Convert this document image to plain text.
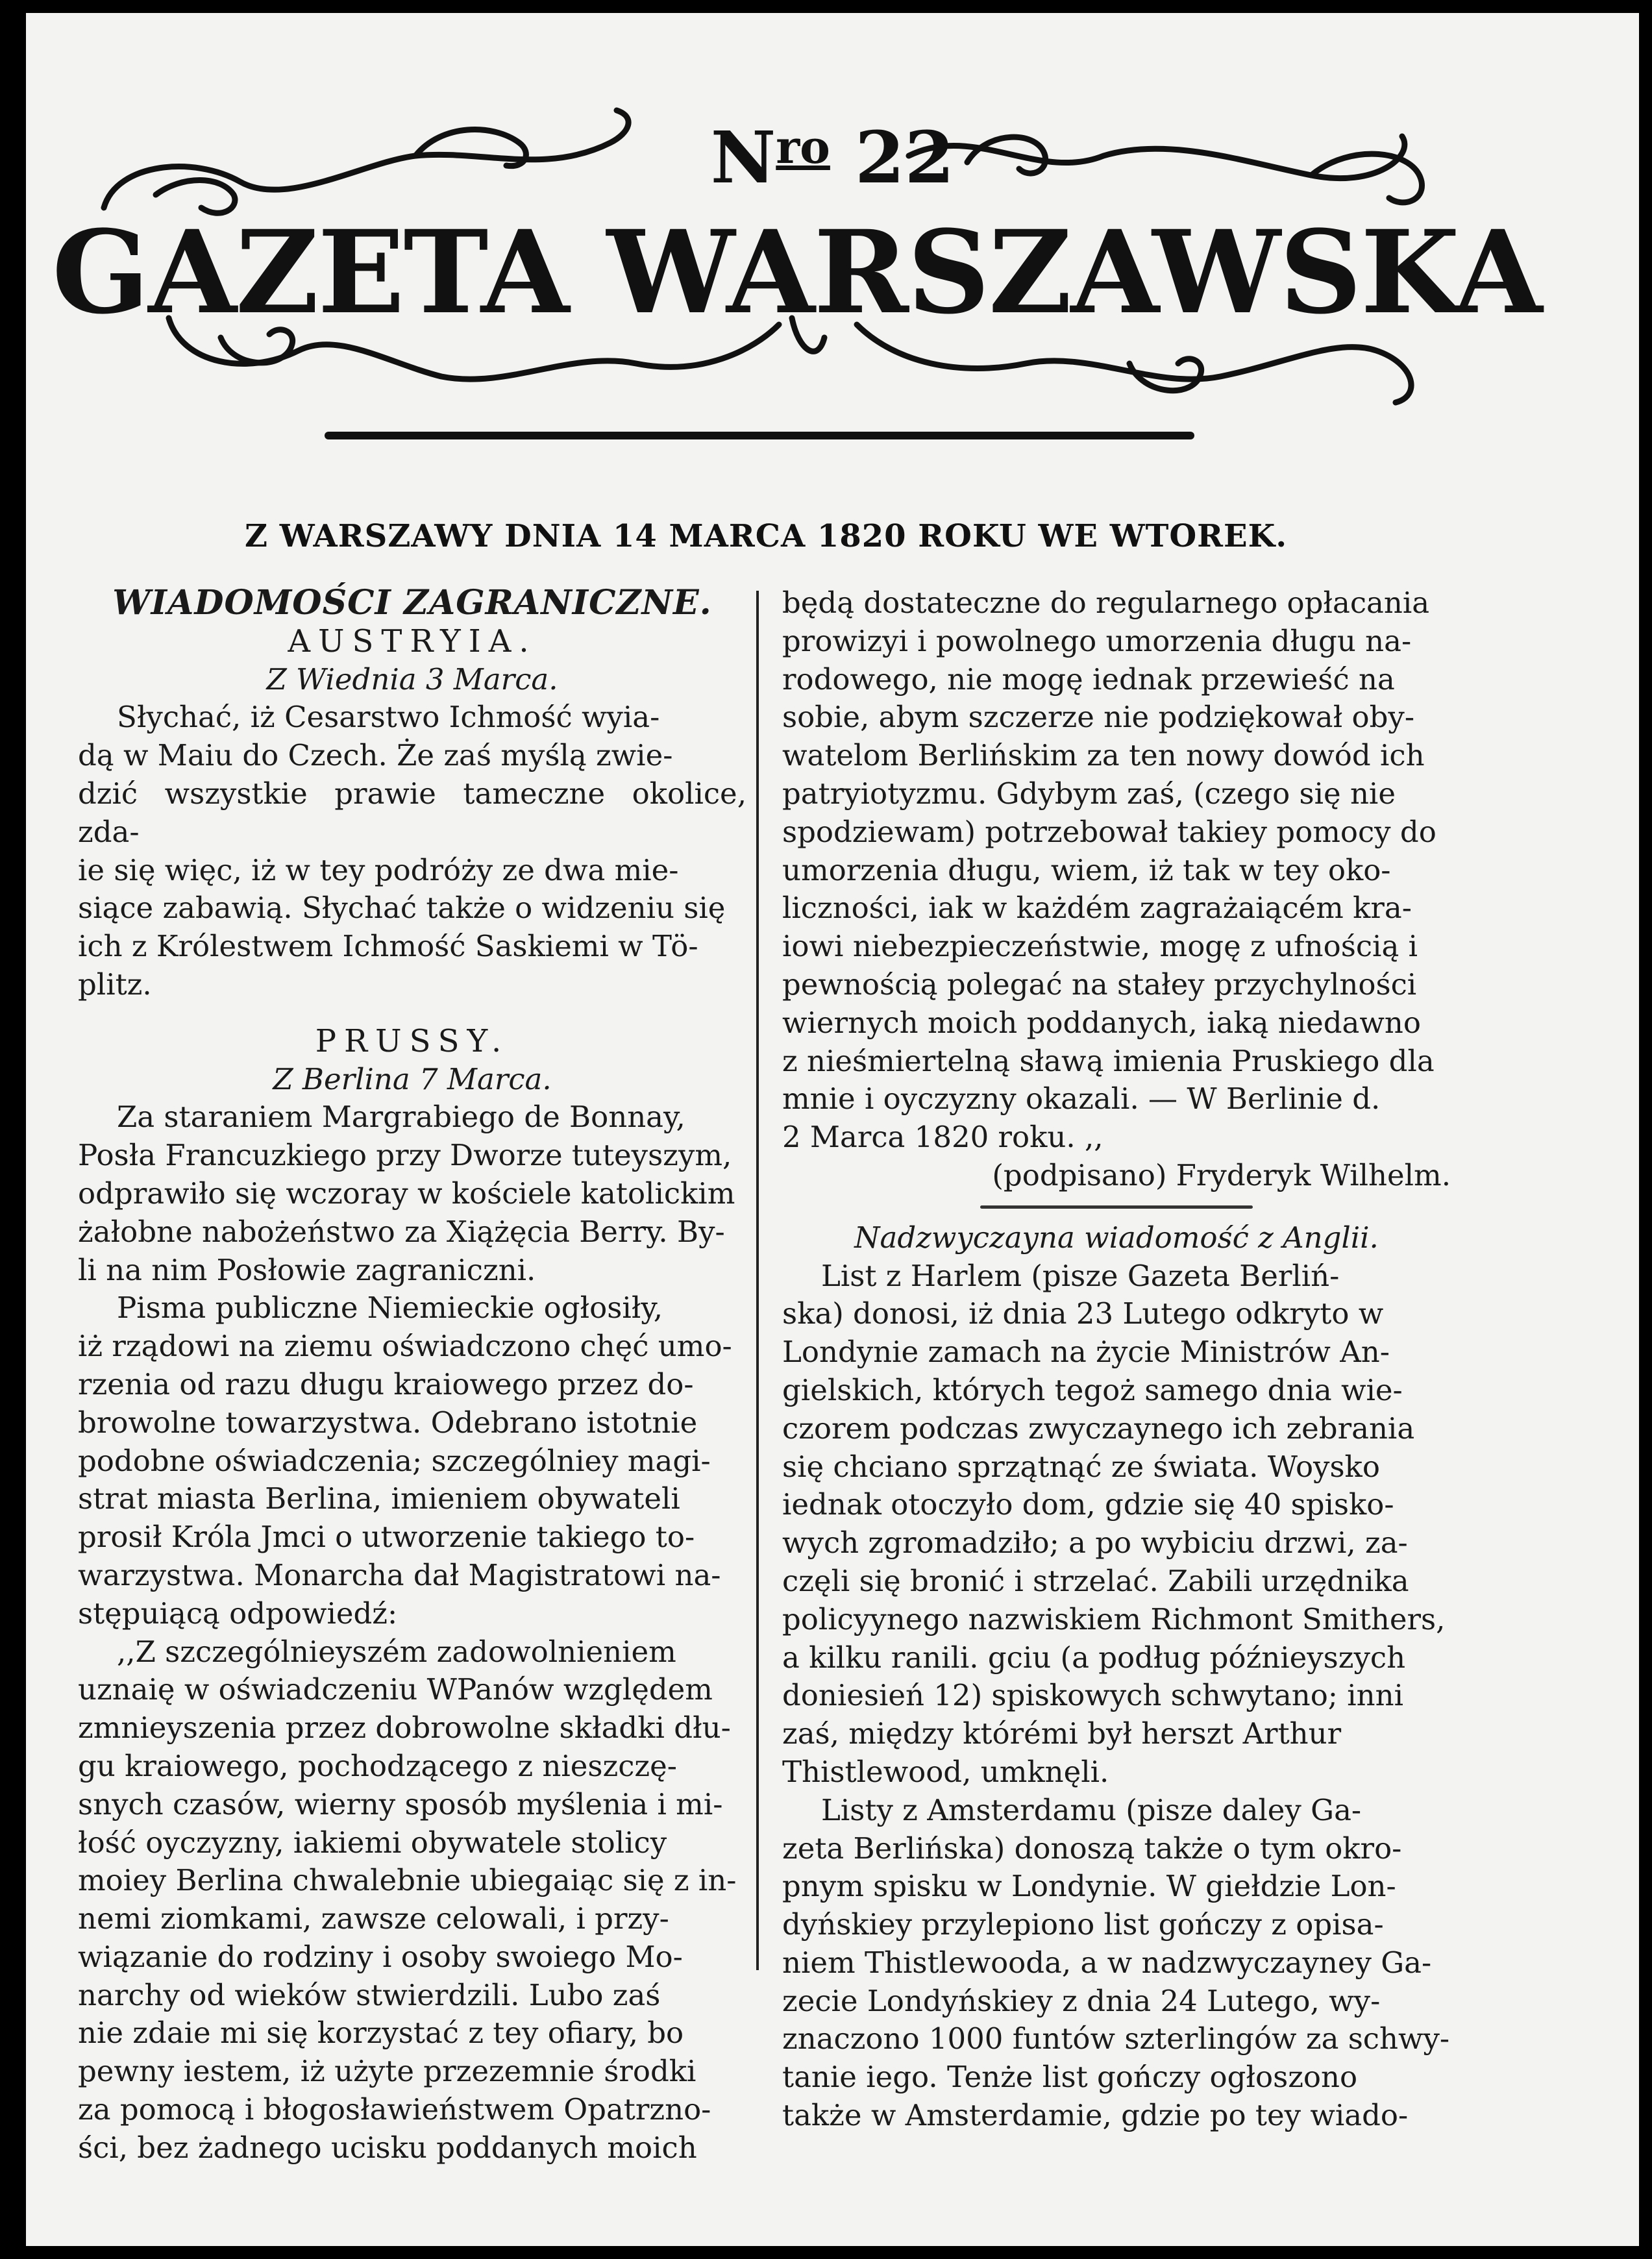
$N^{ro}$ 22
GAZETA WARSZAWSKA
Z WARSZAWY DNIA 14 MARCA 1820 ROKU WE WTOREK.

WIADOMOŚCI ZAGRANICZNE.

AUSTRYIA.

Z Wiednia 3 Marca.

Słychać, iż Cesarstwo Ichmość wyia-

dą w Maiu do Czech. Że zaś myślą zwie-

dzić wszystkie prawie tameczne okolice, zda-

ie się więc, iż w tey podróży ze dwa mie-

siące zabawią. Słychać także o widzeniu się

ich z Królestwem Ichmość Saskiemi w Tö-

plitz.

PRUSSY.

Z Berlina 7 Marca.

Za staraniem Margrabiego de Bonnay,

Posła Francuzkiego przy Dworze tuteyszym,

odprawiło się wczoray w kościele katolickim

żałobne nabożeństwo za Xiążęcia Berry. By-

li na nim Posłowie zagraniczni.

Pisma publiczne Niemieckie ogłosiły,

iż rządowi na ziemu oświadczono chęć umo-

rzenia od razu długu kraiowego przez do-

browolne towarzystwa. Odebrano istotnie

podobne oświadczenia; szczególniey magi-

strat miasta Berlina, imieniem obywateli

prosił Króla Jmci o utworzenie takiego to-

warzystwa. Monarcha dał Magistratowi na-

stępuiącą odpowiedź:

,,Z szczególnieyszém zadowolnieniem

uznaię w oświadczeniu WPanów względem

zmnieyszenia przez dobrowolne składki dłu-

gu kraiowego, pochodzącego z nieszczę-

snych czasów, wierny sposób myślenia i mi-

łość oyczyzny, iakiemi obywatele stolicy

moiey Berlina chwalebnie ubiegaiąc się z in-

nemi ziomkami, zawsze celowali, i przy-

wiązanie do rodziny i osoby swoiego Mo-

narchy od wieków stwierdzili. Lubo zaś

nie zdaie mi się korzystać z tey ofiary, bo

pewny iestem, iż użyte przezemnie środki

za pomocą i błogosławieństwem Opatrzno-

ści, bez żadnego ucisku poddanych moich

będą dostateczne do regularnego opłacania

prowizyi i powolnego umorzenia długu na-

rodowego, nie mogę iednak przewieść na

sobie, abym szczerze nie podziękował oby-

watelom Berlińskim za ten nowy dowód ich

patryiotyzmu. Gdybym zaś, (czego się nie

spodziewam) potrzebował takiey pomocy do

umorzenia długu, wiem, iż tak w tey oko-

liczności, iak w każdém zagrażaiącém kra-

iowi niebezpieczeństwie, mogę z ufnością i

pewnością polegać na stałey przychylności

wiernych moich poddanych, iaką niedawno

z nieśmiertelną sławą imienia Pruskiego dla

mnie i oyczyzny okazali. — W Berlinie d.

2 Marca 1820 roku. ,,

(podpisano) Fryderyk Wilhelm.

Nadzwyczayna wiadomość z Anglii.

List z Harlem (pisze Gazeta Berliń-

ska) donosi, iż dnia 23 Lutego odkryto w

Londynie zamach na życie Ministrów An-

gielskich, których tegoż samego dnia wie-

czorem podczas zwyczaynego ich zebrania

się chciano sprzątnąć ze świata. Woysko

iednak otoczyło dom, gdzie się 40 spisko-

wych zgromadziło; a po wybiciu drzwi, za-

częli się bronić i strzelać. Zabili urzędnika

policyynego nazwiskiem Richmont Smithers,

a kilku ranili. gciu (a podług późnieyszych

doniesień 12) spiskowych schwytano; inni

zaś, między którémi był herszt Arthur

Thistlewood, umknęli.

Listy z Amsterdamu (pisze daley Ga-

zeta Berlińska) donoszą także o tym okro-

pnym spisku w Londynie. W giełdzie Lon-

dyńskiey przylepiono list gończy z opisa-

niem Thistlewooda, a w nadzwyczayney Ga-

zecie Londyńskiey z dnia 24 Lutego, wy-

znaczono 1000 funtów szterlingów za schwy-

tanie iego. Tenże list gończy ogłoszono

także w Amsterdamie, gdzie po tey wiado-
